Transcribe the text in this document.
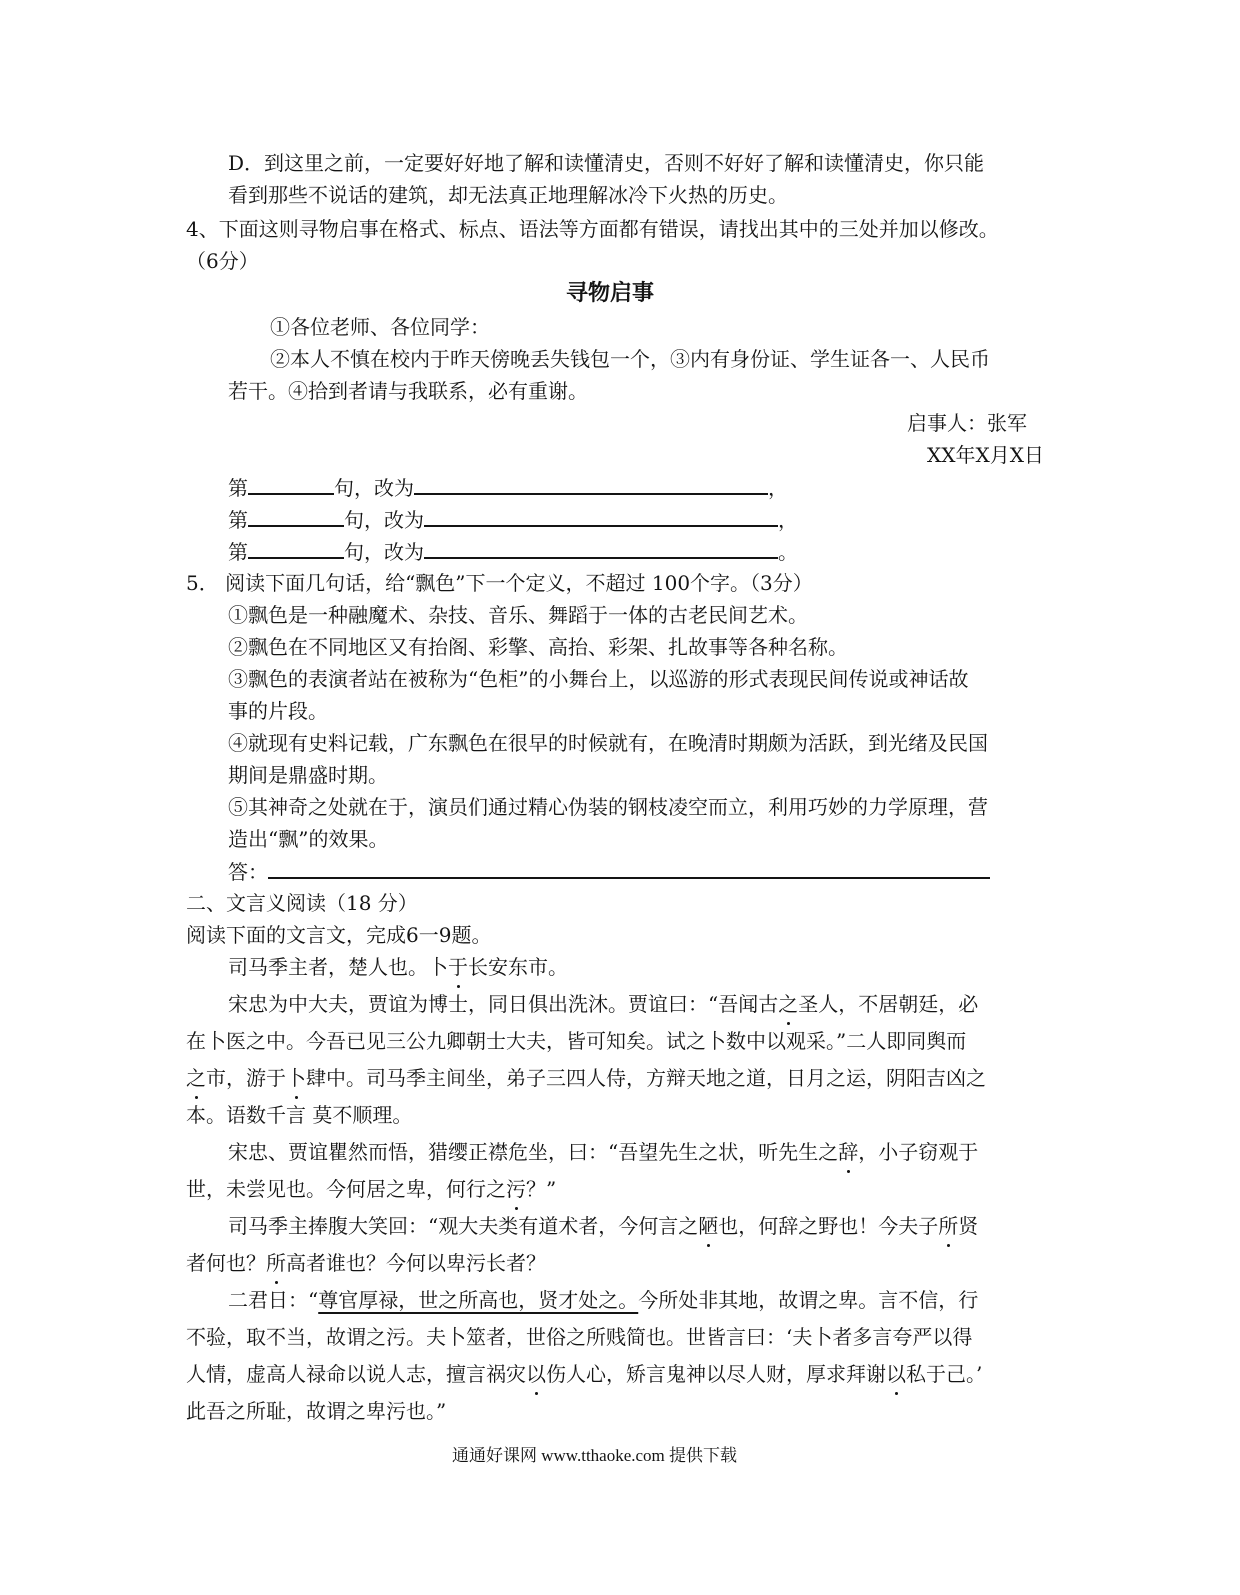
D．到这里之前，一定要好好地了解和读懂清史，否则不好好了解和读懂清史，你只能
看到那些不说话的建筑，却无法真正地理解冰冷下火热的历史。
4、下面这则寻物启事在格式、标点、语法等方面都有错误，请找出其中的三处并加以修改。
（6分）
寻物启事
①各位老师、各位同学：
②本人不慎在校内于昨天傍晚丢失钱包一个，③内有身份证、学生证各一、人民币
若干。④拾到者请与我联系，必有重谢。
启事人：张军
XX年X月X日
第	句，改为	，
第	句，改为	，
第	句，改为	。
5． 阅读下面几句话，给“飘色”下一个定义，不超过 100个字。（3分）
①飘色是一种融魔术、杂技、音乐、舞蹈于一体的古老民间艺术。
②飘色在不同地区又有抬阁、彩擎、高抬、彩架、扎故事等各种名称。
③飘色的表演者站在被称为“色柜”的小舞台上，以巡游的形式表现民间传说或神话故
事的片段。
④就现有史料记载，广东飘色在很早的时候就有，在晚清时期颇为活跃，到光绪及民国
期间是鼎盛时期。
⑤其神奇之处就在于，演员们通过精心伪装的钢枝凌空而立，利用巧妙的力学原理，营
造出“飘”的效果。
答：
二、文言义阅读（18 分）
阅读下面的文言文，完成6一9题。
司马季主者，楚人也。卜于长安东市。
宋忠为中大夫，贾谊为博士，同日俱出洗沐。贾谊曰：“吾闻古之圣人，不居朝廷，必
在卜医之中。今吾已见三公九卿朝士大夫，皆可知矣。试之卜数中以观采。”二人即同舆而
之市，游于卜肆中。司马季主间坐，弟子三四人侍，方辩天地之道，日月之运，阴阳吉凶之
本。语数千言 莫不顺理。
宋忠、贾谊瞿然而悟，猎缨正襟危坐，曰：“吾望先生之状，听先生之辞，小子窃观于
世，未尝见也。今何居之卑，何行之污？”
司马季主捧腹大笑回：“观大夫类有道术者，今何言之陋也，何辞之野也！今夫子所贤
者何也？所高者谁也？今何以卑污长者？
二君日：“尊官厚禄，世之所高也，贤才处之。今所处非其地，故谓之卑。言不信，行
不验，取不当，故谓之污。夫卜筮者，世俗之所贱简也。世皆言曰：‘夫卜者多言夸严以得
人情，虚高人禄命以说人志，擅言祸灾以伤人心，矫言鬼神以尽人财，厚求拜谢以私于己。’
此吾之所耻，故谓之卑污也。”
通通好课网 www.tthaoke.com 提供下载
